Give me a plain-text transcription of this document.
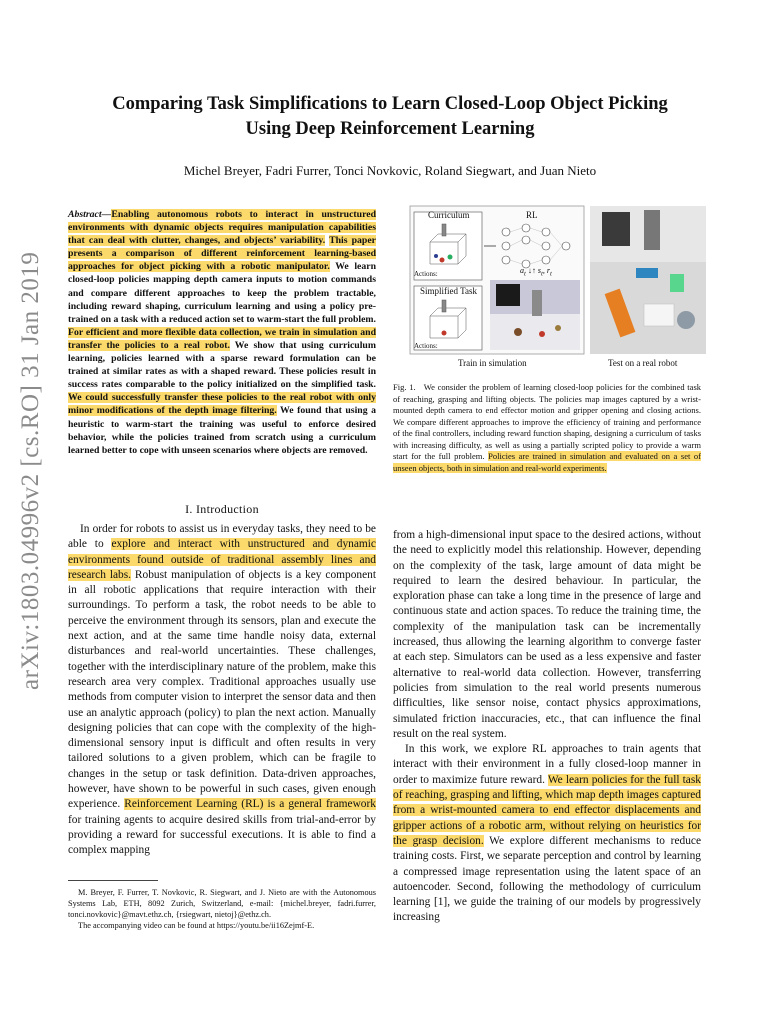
arXiv:1803.04996v2 [cs.RO] 31 Jan 2019
Comparing Task Simplifications to Learn Closed-Loop Object Picking
Using Deep Reinforcement Learning
Michel Breyer, Fadri Furrer, Tonci Novkovic, Roland Siegwart, and Juan Nieto
Abstract—Enabling autonomous robots to interact in unstructured environments with dynamic objects requires manipulation capabilities that can deal with clutter, changes, and objects’ variability. This paper presents a comparison of different reinforcement learning-based approaches for object picking with a robotic manipulator. We learn closed-loop policies mapping depth camera inputs to motion commands and compare different approaches to keep the problem tractable, including reward shaping, curriculum learning and using a policy pre-trained on a task with a reduced action set to warm-start the full problem. For efficient and more flexible data collection, we train in simulation and transfer the policies to a real robot. We show that using curriculum learning, policies learned with a sparse reward formulation can be trained at similar rates as with a shaped reward. These policies result in success rates comparable to the policy initialized on the simplified task. We could successfully transfer these policies to the real robot with only minor modifications of the depth image filtering. We found that using a heuristic to warm-start the training was useful to enforce desired behavior, while the policies trained from scratch using a curriculum learned better to cope with unseen scenarios where objects are removed.
I. Introduction

In order for robots to assist us in everyday tasks, they need to be able to explore and interact with unstructured and dynamic environments found outside of traditional assembly lines and research labs. Robust manipulation of objects is a key component in all robotic applications that require interaction with their surroundings. To perform a task, the robot needs to be able to perceive the environment through its sensors, plan and execute the next action, and at the same time handle noisy data, external disturbances and real-world uncertainties. These challenges, together with the interdisciplinary nature of the problem, make this research area very complex. Traditional approaches usually use methods from computer vision to interpret the sensor data and then use an analytic approach (policy) to plan the next action. Manually designing policies that can cope with the complexity of the high-dimensional sensory input is difficult and often results in very tailored solutions to a given problem, which can be fragile to changes in the setup or task definition. Data-driven approaches, however, have shown to be powerful in such cases, given enough experience. Reinforcement Learning (RL) is a general framework for training agents to acquire desired skills from trial-and-error by providing a reward for successful executions. It is able to find a complex mapping

M. Breyer, F. Furrer, T. Novkovic, R. Siegwart, and J. Nieto are with the Autonomous Systems Lab, ETH, 8092 Zurich, Switzerland, e-mail: {michel.breyer, fadri.furrer, tonci.novkovic}@mavt.ethz.ch, {rsiegwart, nietoj}@ethz.ch.

The accompanying video can be found at https://youtu.be/ii16Zejmf-E.

Curriculum	RL
Simplified Task
Actions:
Actions:
$a_t$ ↓↑ $s_t$, $r_t$
Train in simulation	Test on a real robot
Fig. 1. We consider the problem of learning closed-loop policies for the combined task of reaching, grasping and lifting objects. The policies map images captured by a wrist-mounted depth camera to end effector motion and gripper opening and closing actions. We compare different approaches to improve the efficiency of training and performance of the final controllers, including reward function shaping, designing a curriculum of tasks with increasing difficulty, as well as using a partially scripted policy to provide a warm start for the full problem. Policies are trained in simulation and evaluated on a set of unseen objects, both in simulation and real-world experiments.

from a high-dimensional input space to the desired actions, without the need to explicitly model this relationship. However, depending on the complexity of the task, large amount of data might be required to learn the desired behaviour. In particular, the exploration phase can take a long time in the presence of large and continuous state and action spaces. To reduce the training time, the complexity of the manipulation task can be incrementally increased, thus allowing the learning algorithm to converge faster at each step. Simulators can be used as a less expensive and faster alternative to real-world data collection. However, transferring policies from simulation to the real world presents numerous difficulties, like sensor noise, contact physics approximations, simulated friction inaccuracies, etc., that can influence the final result on the real system.

In this work, we explore RL approaches to train agents that interact with their environment in a fully closed-loop manner in order to maximize future reward. We learn policies for the full task of reaching, grasping and lifting, which map depth images captured from a wrist-mounted camera to end effector displacements and gripper actions of a robotic arm, without relying on heuristics for the grasp decision. We explore different mechanisms to reduce training costs. First, we separate perception and control by learning a compressed image representation using the latent space of an autoencoder. Second, following the methodology of curriculum learning [1], we guide the training of our models by progressively increasing
